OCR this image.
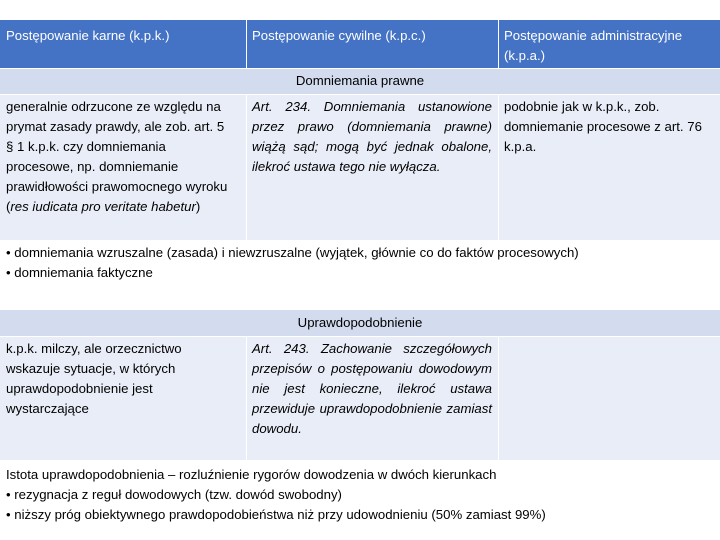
Postępowanie karne (k.p.k.)	Postępowanie cywilne (k.p.c.)	Postępowanie administracyjne (k.p.a.)
Domniemania prawne

generalnie odrzucone ze względu na prymat zasady prawdy, ale zob. art. 5 § 1 k.p.k. czy domniemania procesowe, np. domniemanie prawidłowości prawomocnego wyroku (res iudicata pro veritate habetur)

Art. 234. Domniemania ustanowione przez prawo (domniemania prawne) wiążą sąd; mogą być jednak obalone, ilekroć ustawa tego nie wyłącza.

podobnie jak w k.p.k., zob. domniemanie procesowe z art. 76 k.p.a.

• domniemania wzruszalne (zasada) i niewzruszalne (wyjątek, głównie co do faktów procesowych)

• domniemania faktyczne

Uprawdopodobnienie

k.p.k. milczy, ale orzecznictwo wskazuje sytuacje, w których uprawdopodobnienie jest wystarczające

Art. 243. Zachowanie szczegółowych przepisów o postępowaniu dowodowym nie jest konieczne, ilekroć ustawa przewiduje uprawdopodobnienie zamiast dowodu.

Istota uprawdopodobnienia – rozluźnienie rygorów dowodzenia w dwóch kierunkach

• rezygnacja z reguł dowodowych (tzw. dowód swobodny)

• niższy próg obiektywnego prawdopodobieństwa niż przy udowodnieniu (50% zamiast 99%)
